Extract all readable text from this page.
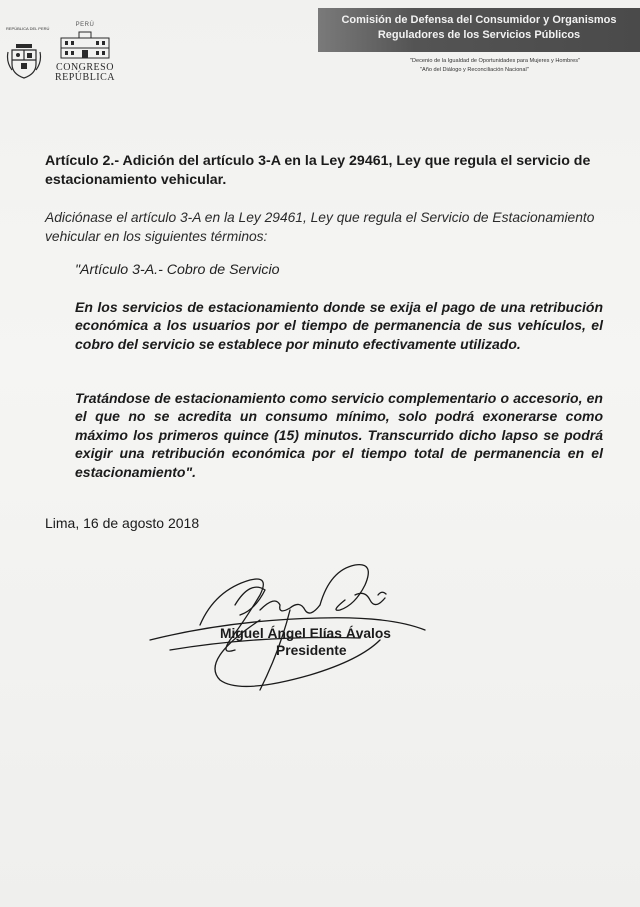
REPÚBLICA DEL PERÚ
PERÚ
CONGRESO
REPÚBLICA
Comisión de Defensa del Consumidor y Organismos
Reguladores de los Servicios Públicos
"Decenio de la Igualdad de Oportunidades para Mujeres y Hombres"
"Año del Diálogo y Reconciliación Nacional"
Artículo 2.- Adición del artículo 3-A en la Ley 29461, Ley que regula el servicio de estacionamiento vehicular.
Adiciónase el artículo 3-A en la Ley 29461, Ley que regula el Servicio de Estacionamiento vehicular en los siguientes términos:
"Artículo 3-A.- Cobro de Servicio
En los servicios de estacionamiento donde se exija el pago de una retribución económica a los usuarios por el tiempo de permanencia de sus vehículos, el cobro del servicio se establece por minuto efectivamente utilizado.
Tratándose de estacionamiento como servicio complementario o accesorio, en el que no se acredita un consumo mínimo, solo podrá exonerarse como máximo los primeros quince (15) minutos. Transcurrido dicho lapso se podrá exigir una retribución económica por el tiempo total de permanencia en el estacionamiento".
Lima, 16 de agosto 2018
Miguel Ángel Elías Ávalos
Presidente
